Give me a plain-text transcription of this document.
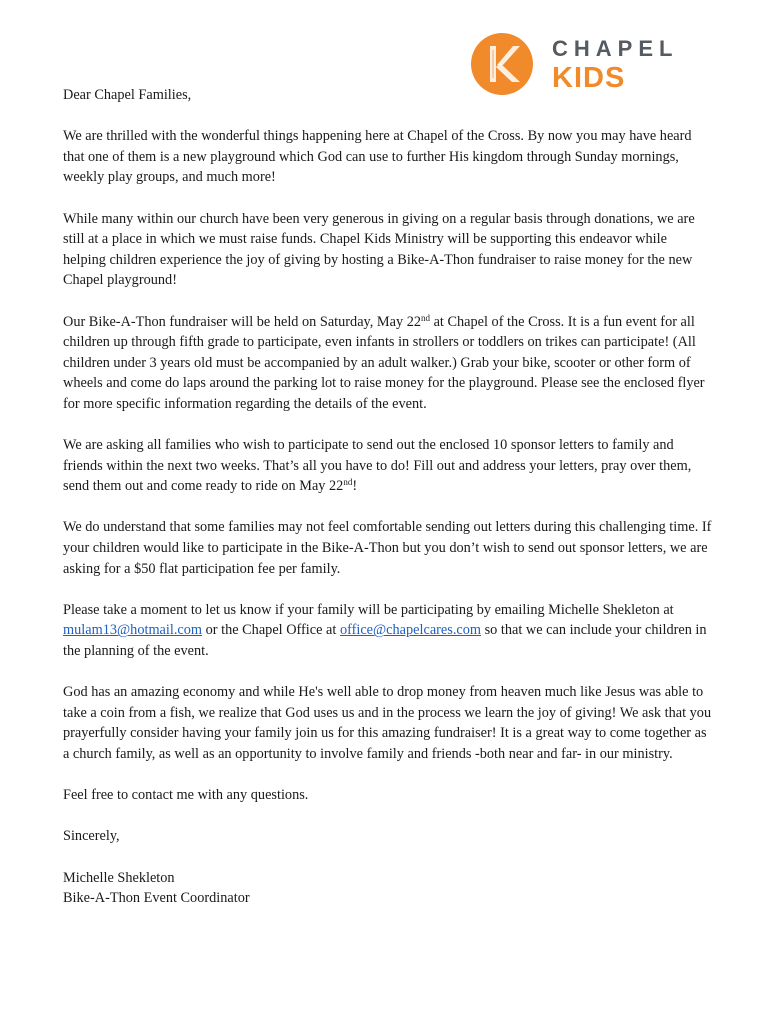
CHAPEL
KIDS

Dear Chapel Families,

We are thrilled with the wonderful things happening here at Chapel of the Cross. By now you may have heard that one of them is a new playground which God can use to further His kingdom through Sunday mornings, weekly play groups, and much more!

While many within our church have been very generous in giving on a regular basis through donations, we are still at a place in which we must raise funds. Chapel Kids Ministry will be supporting this endeavor while helping children experience the joy of giving by hosting a Bike-A-Thon fundraiser to raise money for the new Chapel playground!

Our Bike-A-Thon fundraiser will be held on Saturday, May 22nd at Chapel of the Cross. It is a fun event for all children up through fifth grade to participate, even infants in strollers or toddlers on trikes can participate! (All children under 3 years old must be accompanied by an adult walker.) Grab your bike, scooter or other form of wheels and come do laps around the parking lot to raise money for the playground. Please see the enclosed flyer for more specific information regarding the details of the event.

We are asking all families who wish to participate to send out the enclosed 10 sponsor letters to family and friends within the next two weeks. That’s all you have to do! Fill out and address your letters, pray over them, send them out and come ready to ride on May 22nd!

We do understand that some families may not feel comfortable sending out letters during this challenging time. If your children would like to participate in the Bike-A-Thon but you don’t wish to send out sponsor letters, we are asking for a $50 flat participation fee per family.

Please take a moment to let us know if your family will be participating by emailing Michelle Shekleton at mulam13@hotmail.com or the Chapel Office at office@chapelcares.com so that we can include your children in the planning of the event.

God has an amazing economy and while He's well able to drop money from heaven much like Jesus was able to take a coin from a fish, we realize that God uses us and in the process we learn the joy of giving! We ask that you prayerfully consider having your family join us for this amazing fundraiser! It is a great way to come together as a church family, as well as an opportunity to involve family and friends -both near and far- in our ministry.

Feel free to contact me with any questions.

Sincerely,

Michelle Shekleton

Bike-A-Thon Event Coordinator
